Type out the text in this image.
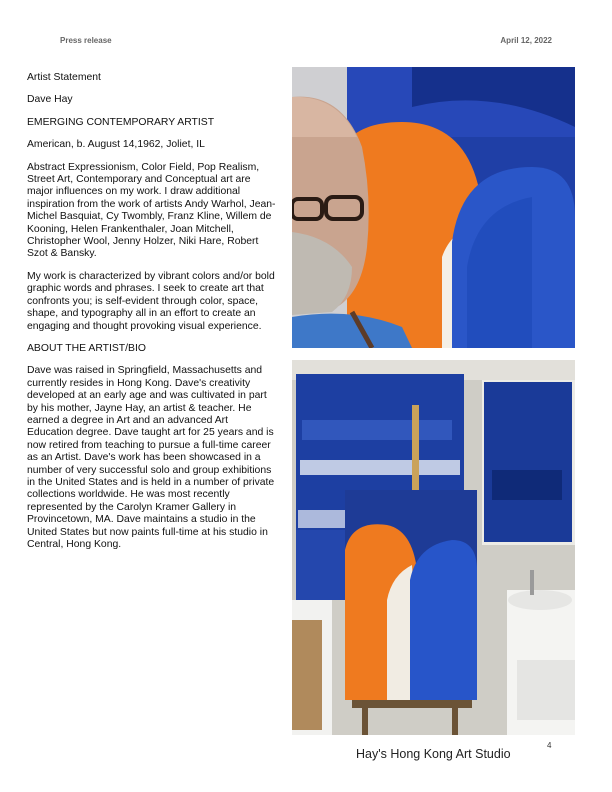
Press release	April 12, 2022

Artist Statement

Dave Hay

EMERGING CONTEMPORARY ARTIST

American, b. August 14,1962, Joliet, IL

Abstract Expressionism, Color Field, Pop Realism, Street Art, Contemporary and Conceptual art are major influences on my work. I draw additional inspiration from the work of artists Andy Warhol, Jean-Michel Basquiat, Cy Twombly, Franz Kline, Willem de Kooning, Helen Frankenthaler, Joan Mitchell, Christopher Wool, Jenny Holzer, Niki Hare, Robert Szot & Bansky.

My work is characterized by vibrant colors and/or bold graphic words and phrases. I seek to create art that confronts you; is self-evident through color, space, shape, and typography all in an effort to create an engaging and thought provoking visual experience.

ABOUT THE ARTIST/BIO

Dave was raised in Springfield, Massachusetts and currently resides in Hong Kong. Dave's creativity developed at an early age and was cultivated in part by his mother, Jayne Hay, an artist & teacher. He earned a degree in Art and an advanced Art Education degree. Dave taught art for 25 years and is now retired from teaching to pursue a full-time career as an Artist. Dave's work has been showcased in a number of very successful solo and group exhibitions in the United States and is held in a number of private collections worldwide. He was most recently represented by the Carolyn Kramer Gallery in Provincetown, MA. Dave maintains a studio in the United States but now paints full-time at his studio in Central, Hong Kong.

4
Hay's Hong Kong Art Studio
